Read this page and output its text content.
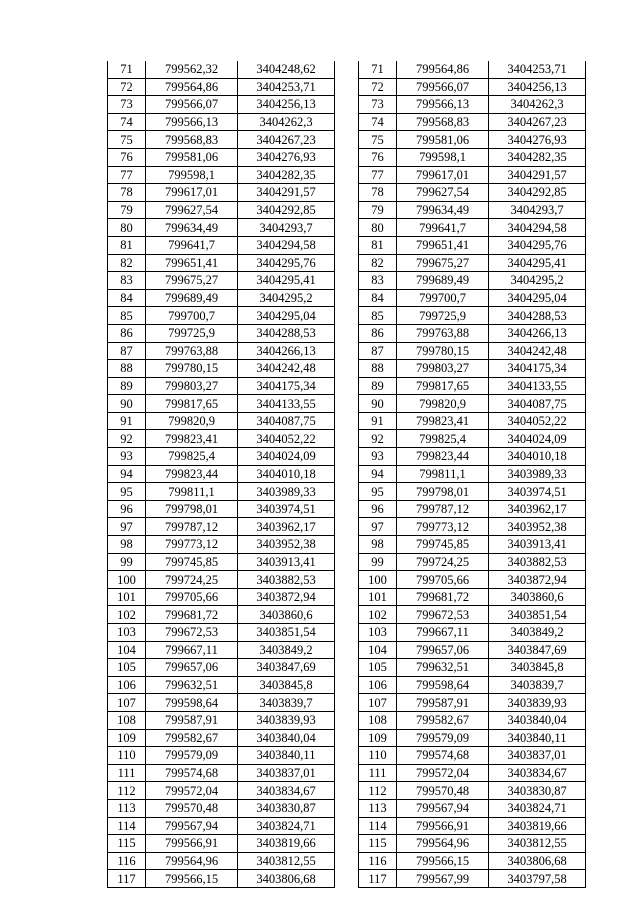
71	799562,32	3404248,62
72	799564,86	3404253,71
73	799566,07	3404256,13
74	799566,13	3404262,3
75	799568,83	3404267,23
76	799581,06	3404276,93
77	799598,1	3404282,35
78	799617,01	3404291,57
79	799627,54	3404292,85
80	799634,49	3404293,7
81	799641,7	3404294,58
82	799651,41	3404295,76
83	799675,27	3404295,41
84	799689,49	3404295,2
85	799700,7	3404295,04
86	799725,9	3404288,53
87	799763,88	3404266,13
88	799780,15	3404242,48
89	799803,27	3404175,34
90	799817,65	3404133,55
91	799820,9	3404087,75
92	799823,41	3404052,22
93	799825,4	3404024,09
94	799823,44	3404010,18
95	799811,1	3403989,33
96	799798,01	3403974,51
97	799787,12	3403962,17
98	799773,12	3403952,38
99	799745,85	3403913,41
100	799724,25	3403882,53
101	799705,66	3403872,94
102	799681,72	3403860,6
103	799672,53	3403851,54
104	799667,11	3403849,2
105	799657,06	3403847,69
106	799632,51	3403845,8
107	799598,64	3403839,7
108	799587,91	3403839,93
109	799582,67	3403840,04
110	799579,09	3403840,11
111	799574,68	3403837,01
112	799572,04	3403834,67
113	799570,48	3403830,87
114	799567,94	3403824,71
115	799566,91	3403819,66
116	799564,96	3403812,55
117	799566,15	3403806,68
71	799564,86	3404253,71
72	799566,07	3404256,13
73	799566,13	3404262,3
74	799568,83	3404267,23
75	799581,06	3404276,93
76	799598,1	3404282,35
77	799617,01	3404291,57
78	799627,54	3404292,85
79	799634,49	3404293,7
80	799641,7	3404294,58
81	799651,41	3404295,76
82	799675,27	3404295,41
83	799689,49	3404295,2
84	799700,7	3404295,04
85	799725,9	3404288,53
86	799763,88	3404266,13
87	799780,15	3404242,48
88	799803,27	3404175,34
89	799817,65	3404133,55
90	799820,9	3404087,75
91	799823,41	3404052,22
92	799825,4	3404024,09
93	799823,44	3404010,18
94	799811,1	3403989,33
95	799798,01	3403974,51
96	799787,12	3403962,17
97	799773,12	3403952,38
98	799745,85	3403913,41
99	799724,25	3403882,53
100	799705,66	3403872,94
101	799681,72	3403860,6
102	799672,53	3403851,54
103	799667,11	3403849,2
104	799657,06	3403847,69
105	799632,51	3403845,8
106	799598,64	3403839,7
107	799587,91	3403839,93
108	799582,67	3403840,04
109	799579,09	3403840,11
110	799574,68	3403837,01
111	799572,04	3403834,67
112	799570,48	3403830,87
113	799567,94	3403824,71
114	799566,91	3403819,66
115	799564,96	3403812,55
116	799566,15	3403806,68
117	799567,99	3403797,58
